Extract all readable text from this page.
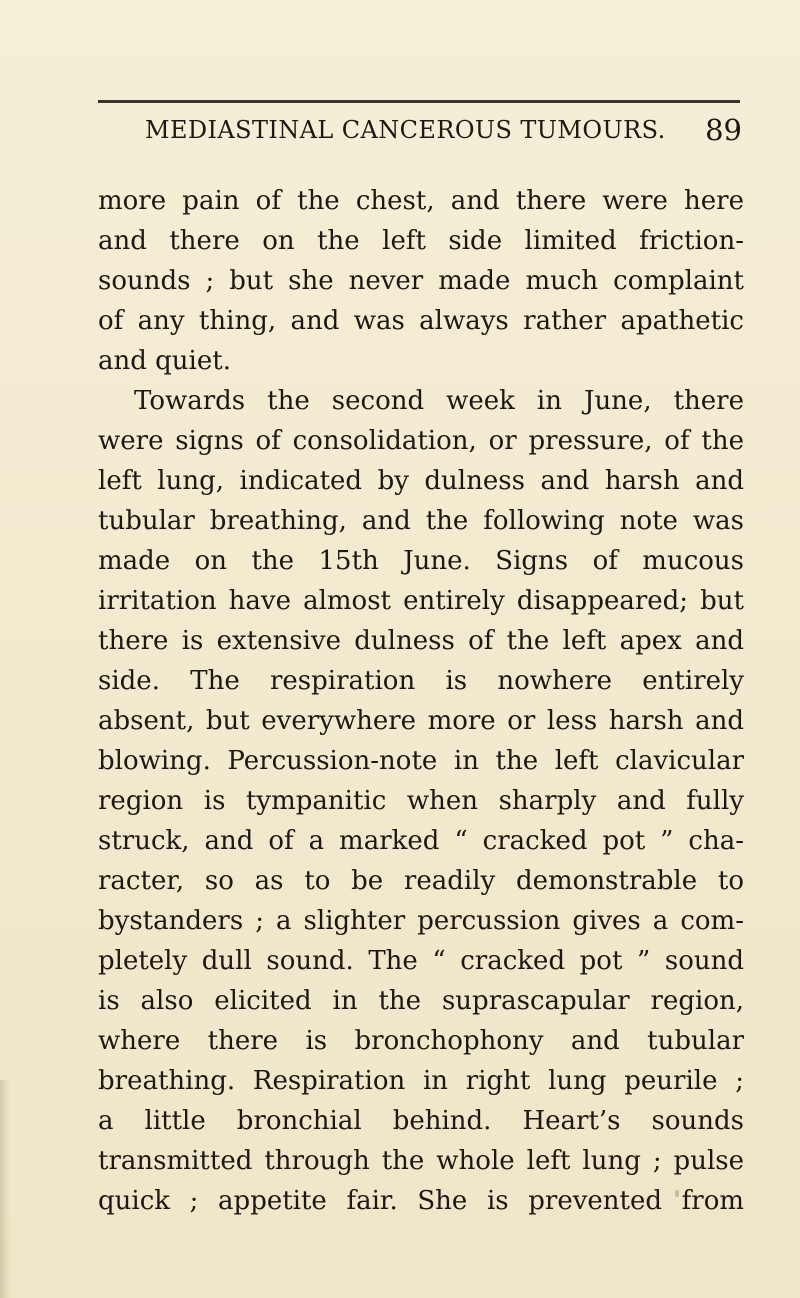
MEDIASTINAL CANCEROUS TUMOURS. 89
more pain of the chest, and there were here
and there on the left side limited friction-
sounds ; but she never made much complaint
of any thing, and was always rather apathetic
and quiet.
Towards the second week in June, there
were signs of consolidation, or pressure, of the
left lung, indicated by dulness and harsh and
tubular breathing, and the following note was
made on the 15th June. Signs of mucous
irritation have almost entirely disappeared; but
there is extensive dulness of the left apex and
side. The respiration is nowhere entirely
absent, but everywhere more or less harsh and
blowing. Percussion-note in the left clavicular
region is tympanitic when sharply and fully
struck, and of a marked “ cracked pot ” cha-
racter, so as to be readily demonstrable to
bystanders ; a slighter percussion gives a com-
pletely dull sound. The “ cracked pot ” sound
is also elicited in the suprascapular region,
where there is bronchophony and tubular
breathing. Respiration in right lung peurile ;
a little bronchial behind. Heart’s sounds
transmitted through the whole left lung ; pulse
quick ; appetite fair. She is prevented from
